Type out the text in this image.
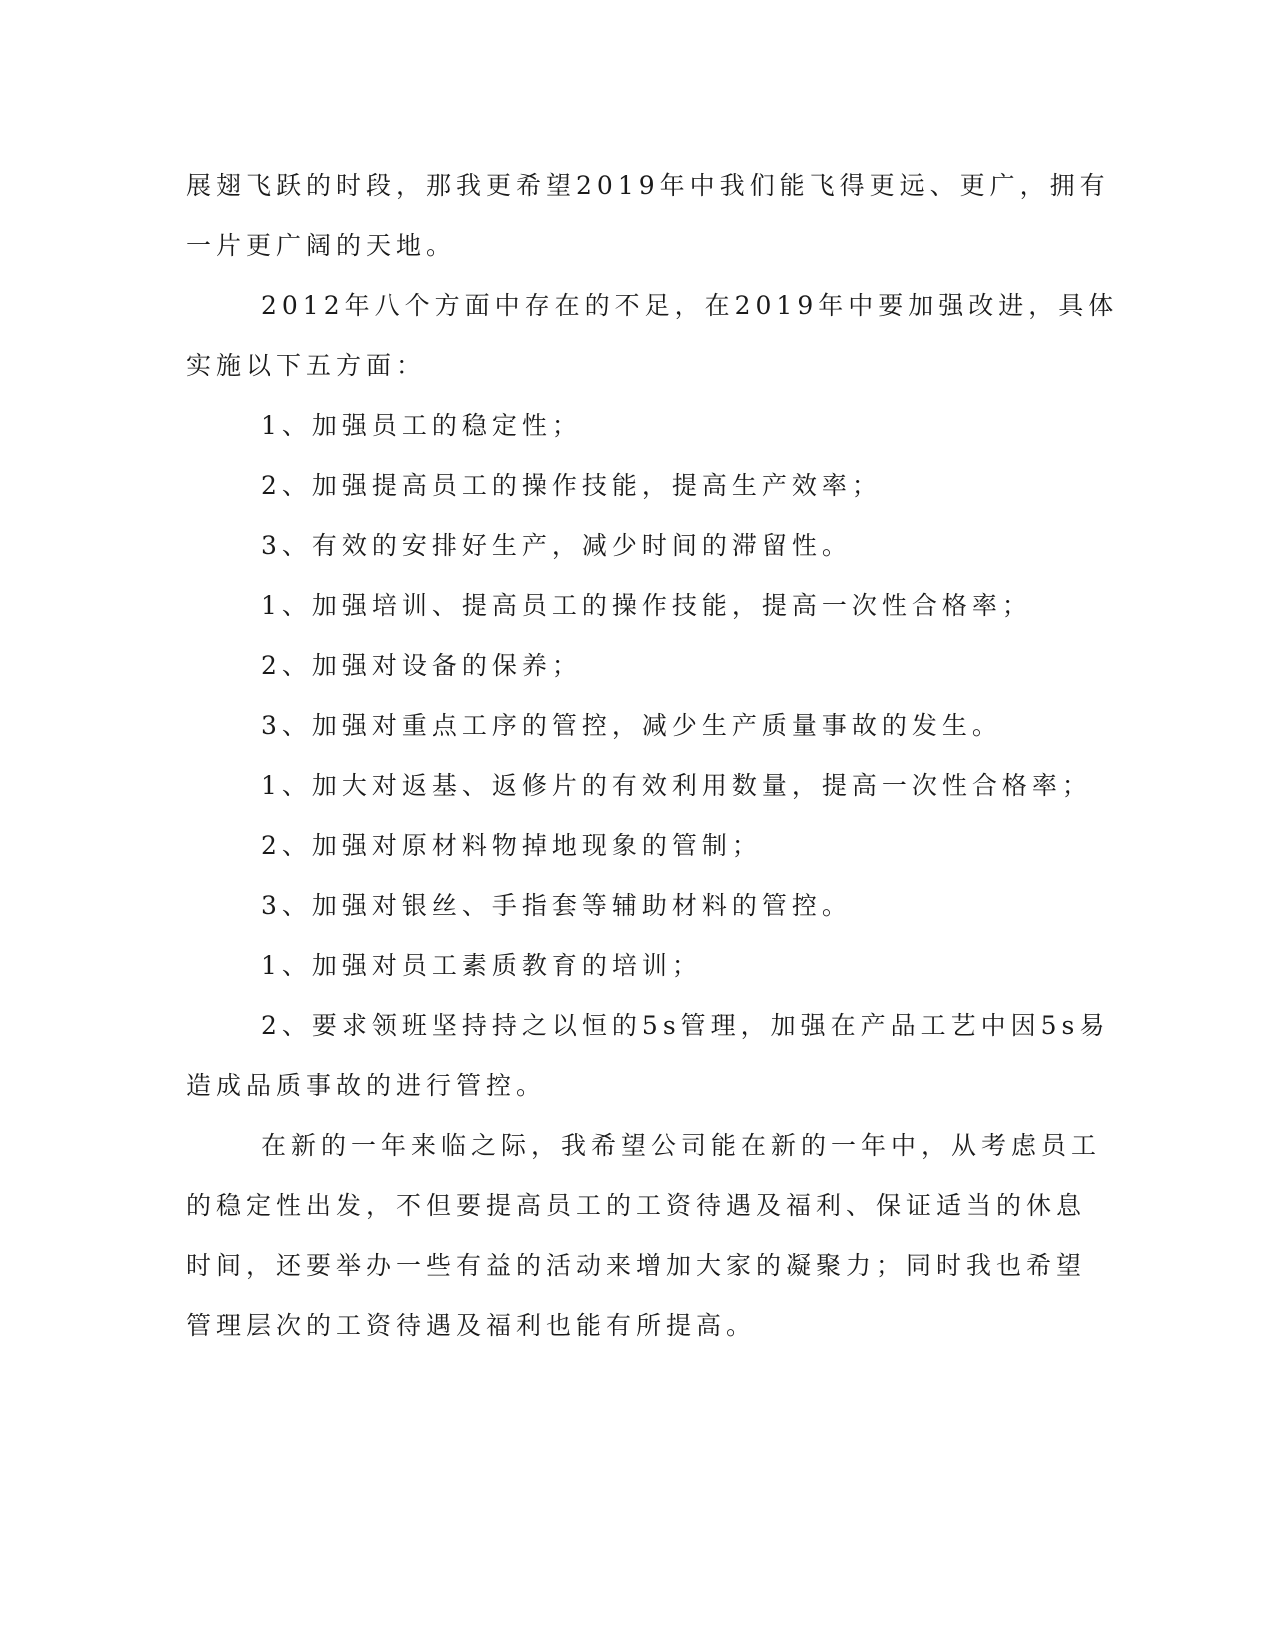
展翅飞跃的时段，那我更希望2019年中我们能飞得更远、更广，拥有
一片更广阔的天地。
2012年八个方面中存在的不足，在2019年中要加强改进，具体
实施以下五方面：
1、加强员工的稳定性；
2、加强提高员工的操作技能，提高生产效率；
3、有效的安排好生产，减少时间的滞留性。
1、加强培训、提高员工的操作技能，提高一次性合格率；
2、加强对设备的保养；
3、加强对重点工序的管控，减少生产质量事故的发生。
1、加大对返基、返修片的有效利用数量，提高一次性合格率；
2、加强对原材料物掉地现象的管制；
3、加强对银丝、手指套等辅助材料的管控。
1、加强对员工素质教育的培训；
2、要求领班坚持持之以恒的5s管理，加强在产品工艺中因5s易
造成品质事故的进行管控。
在新的一年来临之际，我希望公司能在新的一年中，从考虑员工
的稳定性出发，不但要提高员工的工资待遇及福利、保证适当的休息
时间，还要举办一些有益的活动来增加大家的凝聚力；同时我也希望
管理层次的工资待遇及福利也能有所提高。
